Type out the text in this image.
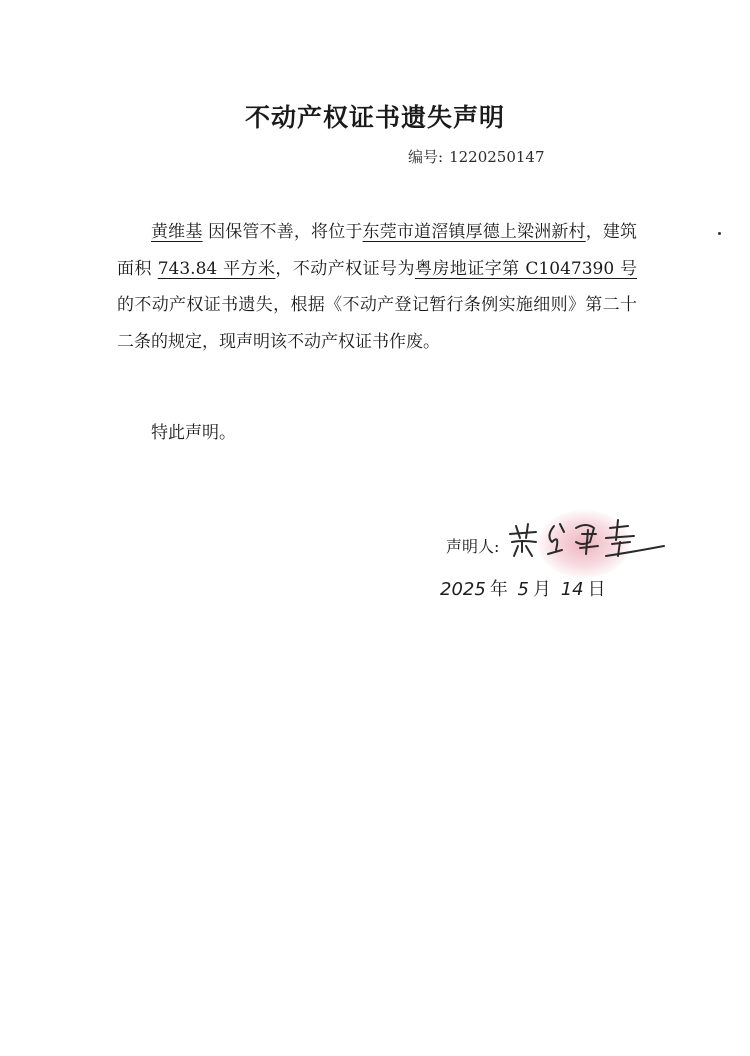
不动产权证书遗失声明
编号: 1220250147
黄维基 因保管不善，将位于东莞市道滘镇厚德上梁洲新村，建筑面积 743.84 平方米，不动产权证号为粤房地证字第 C1047390 号的不动产权证书遗失，根据《不动产登记暂行条例实施细则》第二十二条的规定，现声明该不动产权证书作废。
特此声明。
声明人:
2025 年 5 月 14 日
